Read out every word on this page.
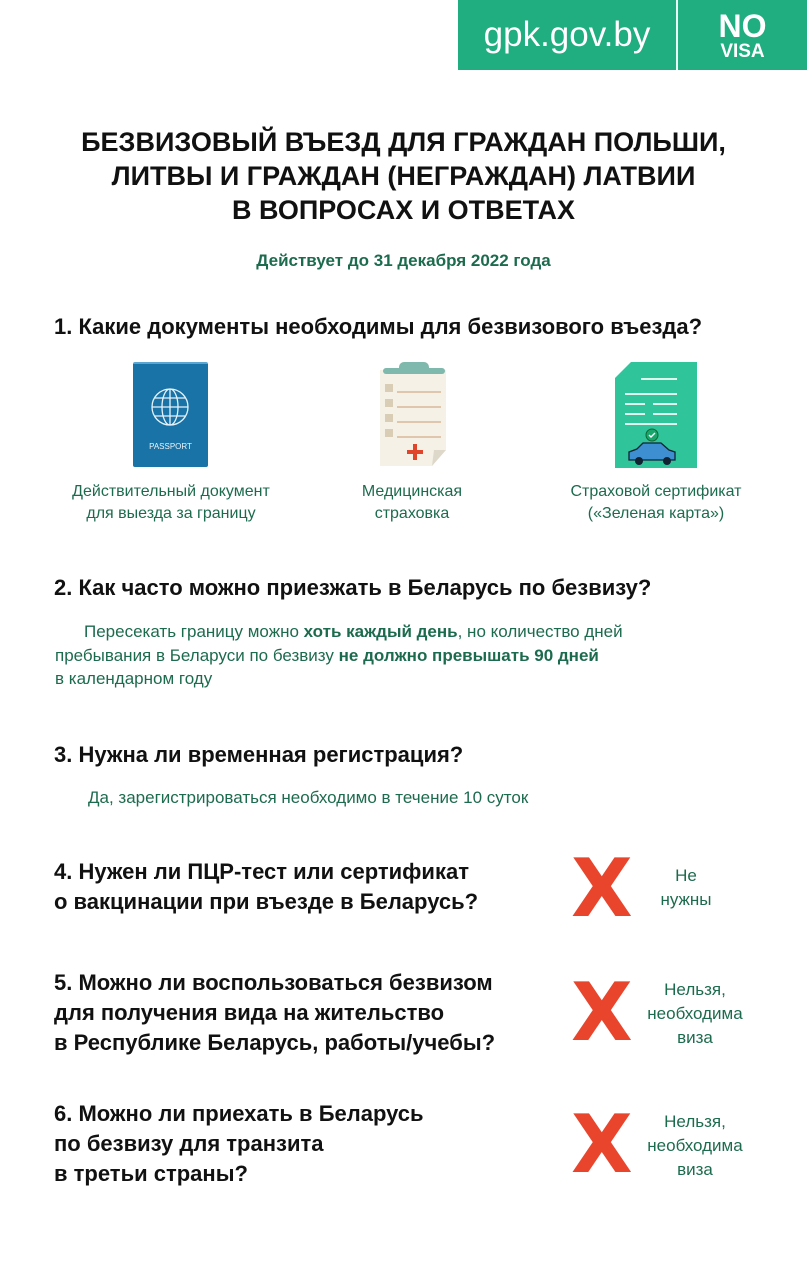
gpk.gov.by	NO
VISA
БЕЗВИЗОВЫЙ ВЪЕЗД ДЛЯ ГРАЖДАН ПОЛЬШИ,
ЛИТВЫ И ГРАЖДАН (НЕГРАЖДАН) ЛАТВИИ
В ВОПРОСАХ И ОТВЕТАХ
Действует до 31 декабря 2022 года
1. Какие документы необходимы для безвизового въезда?
PASSPORT
Действительный документ
для выезда за границу
Медицинская
страховка
Страховой сертификат
(«Зеленая карта»)
2. Как часто можно приезжать в Беларусь по безвизу?
Пересекать границу можно хоть каждый день, но количество дней
пребывания в Беларуси по безвизу не должно превышать 90 дней
в календарном году
3. Нужна ли временная регистрация?
Да, зарегистрироваться необходимо в течение 10 суток
4. Нужен ли ПЦР-тест или сертификат
о вакцинации при въезде в Беларусь? X	Не
нужны
5. Можно ли воспользоваться безвизом
для получения вида на жительство
в Республике Беларусь, работы/учебы? X	Нельзя,
необходима
виза
6. Можно ли приехать в Беларусь
по безвизу для транзита
в третьи страны?	X	Нельзя,
необходима
виза
